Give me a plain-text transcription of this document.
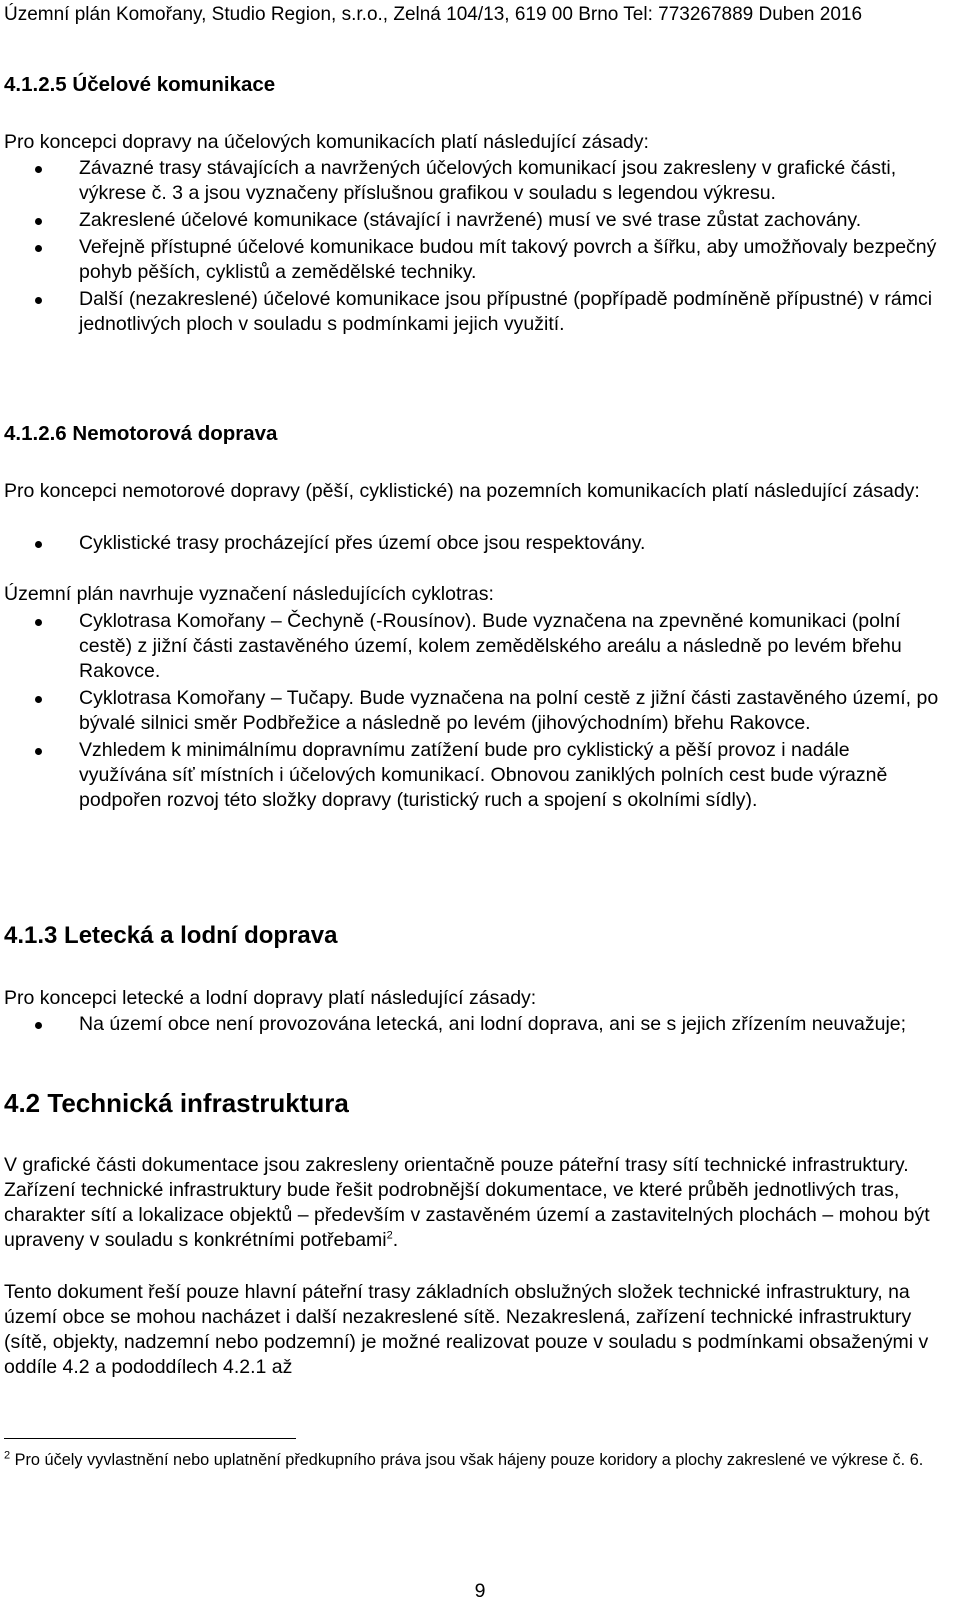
Územní plán Komořany, Studio Region, s.r.o., Zelná 104/13, 619 00 Brno Tel: 773267889 Duben 2016
4.1.2.5 Účelové komunikace
Pro koncepci dopravy na účelových komunikacích platí následující zásady:
Závazné trasy stávajících a navržených účelových komunikací jsou zakresleny v grafické části, výkrese č. 3 a jsou vyznačeny příslušnou grafikou v souladu s legendou výkresu.
Zakreslené účelové komunikace (stávající i navržené) musí ve své trase zůstat zachovány.
Veřejně přístupné účelové komunikace budou mít takový povrch a šířku, aby umožňovaly bezpečný pohyb pěších, cyklistů a zemědělské techniky.
Další (nezakreslené) účelové komunikace jsou přípustné (popřípadě podmíněně přípustné) v rámci jednotlivých ploch v souladu s podmínkami jejich využití.
4.1.2.6 Nemotorová doprava
Pro koncepci nemotorové dopravy (pěší, cyklistické) na pozemních komunikacích platí následující zásady:
Cyklistické trasy procházející přes území obce jsou respektovány.
Územní plán navrhuje vyznačení následujících cyklotras:
Cyklotrasa Komořany – Čechyně (-Rousínov). Bude vyznačena na zpevněné komunikaci (polní cestě) z jižní části zastavěného území, kolem zemědělského areálu a následně po levém břehu Rakovce.
Cyklotrasa Komořany – Tučapy. Bude vyznačena na polní cestě z jižní části zastavěného území, po bývalé silnici směr Podbřežice a následně po levém (jihovýchodním) břehu Rakovce.
Vzhledem k minimálnímu dopravnímu zatížení bude pro cyklistický a pěší provoz i nadále využívána síť místních i účelových komunikací. Obnovou zaniklých polních cest bude výrazně podpořen rozvoj této složky dopravy (turistický ruch a spojení s okolními sídly).
4.1.3 Letecká a lodní doprava
Pro koncepci letecké a lodní dopravy platí následující zásady:
Na území obce není provozována letecká, ani lodní doprava, ani se s jejich zřízením neuvažuje;
4.2 Technická infrastruktura
V grafické části dokumentace jsou zakresleny orientačně pouze páteřní trasy sítí technické infrastruktury. Zařízení technické infrastruktury bude řešit podrobnější dokumentace, ve které průběh jednotlivých tras, charakter sítí a lokalizace objektů – především v zastavěném území a zastavitelných plochách – mohou být upraveny v souladu s konkrétními potřebami$^2$.
Tento dokument řeší pouze hlavní páteřní trasy základních obslužných složek technické infrastruktury, na území obce se mohou nacházet i další nezakreslené sítě. Nezakreslená, zařízení technické infrastruktury (sítě, objekty, nadzemní nebo podzemní) je možné realizovat pouze v souladu s podmínkami obsaženými v oddíle 4.2 a pododdílech 4.2.1 až
$^2$ Pro účely vyvlastnění nebo uplatnění předkupního práva jsou však hájeny pouze koridory a plochy zakreslené ve výkrese č. 6.
9
